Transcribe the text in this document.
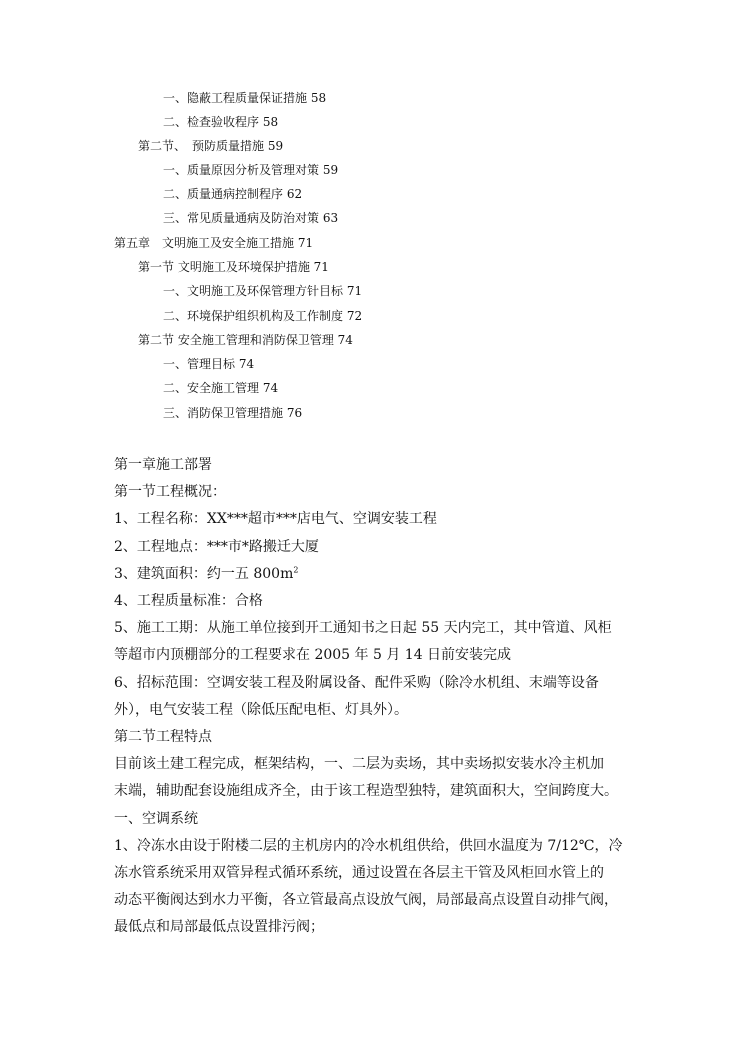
一、隐蔽工程质量保证措施 58
二、检查验收程序 58
第二节、　预防质量措施 59
一、质量原因分析及管理对策 59
二、质量通病控制程序 62
三、常见质量通病及防治对策 63
第五章　文明施工及安全施工措施 71
第一节 文明施工及环境保护措施 71
一、文明施工及环保管理方针目标 71
二、环境保护组织机构及工作制度 72
第二节 安全施工管理和消防保卫管理 74
一、管理目标 74
二、安全施工管理 74
三、消防保卫管理措施 76

第一章施工部署

第一节工程概况：

1、工程名称：XX***超市***店电气、空调安装工程

2、工程地点：***市*路搬迁大厦

3、建筑面积：约一五 $800m^2$

4、工程质量标准：合格

5、施工工期：从施工单位接到开工通知书之日起 55 天内完工，其中管道、风柜

等超市内顶棚部分的工程要求在 2005 年 5 月 14 日前安装完成

6、招标范围：空调安装工程及附属设备、配件采购（除冷水机组、末端等设备

外），电气安装工程（除低压配电柜、灯具外）。

第二节工程特点

目前该土建工程完成，框架结构，一、二层为卖场，其中卖场拟安装水冷主机加

末端，辅助配套设施组成齐全，由于该工程造型独特，建筑面积大，空间跨度大。

一、空调系统

1、冷冻水由设于附楼二层的主机房内的冷水机组供给，供回水温度为 7/12℃，冷

冻水管系统采用双管异程式循环系统，通过设置在各层主干管及风柜回水管上的

动态平衡阀达到水力平衡，各立管最高点设放气阀，局部最高点设置自动排气阀，

最低点和局部最低点设置排污阀；
